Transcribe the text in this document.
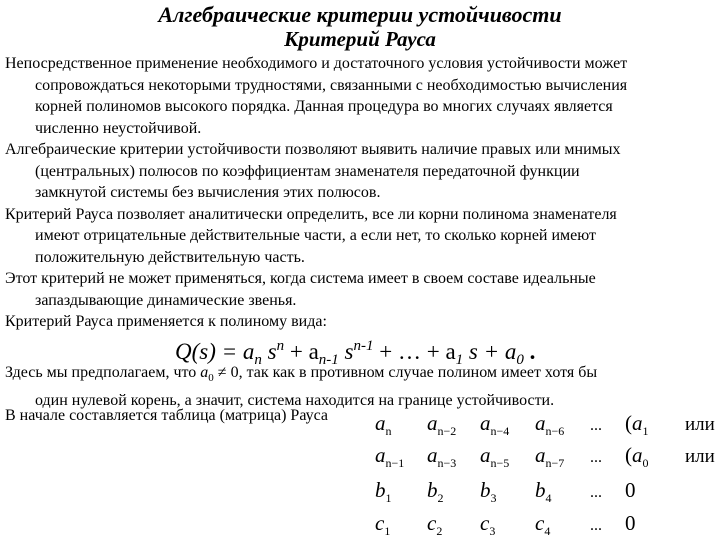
Алгебраические критерии устойчивости
Критерий Рауса
Непосредственное применение необходимого и достаточного условия устойчивости может
сопровождаться некоторыми трудностями, связанными с необходимостью вычисления
корней полиномов высокого порядка. Данная процедура во многих случаях является
численно неустойчивой.
Алгебраические критерии устойчивости позволяют выявить наличие правых или мнимых
(центральных) полюсов по коэффициентам знаменателя передаточной функции
замкнутой системы без вычисления этих полюсов.
Критерий Рауса позволяет аналитически определить, все ли корни полинома знаменателя
имеют отрицательные действительные части, а если нет, то сколько корней имеют
положительную действительную часть.
Этот критерий не может применяться, когда система имеет в своем составе идеальные
запаздывающие динамические звенья.
Критерий Рауса применяется к полиному вида:
$Q(s) = a_n$ $s^n + a_{n-1}$ $s^{n-1}$ + … + $a_1$ $s + a_0$ .
Здесь мы предполагаем, что $a_0 \ne 0$, так как в противном случае полином имеет хотя бы
один нулевой корень, а значит, система находится на границе устойчивости.
В начале составляется таблица (матрица) Рауса	$a_n$ $a_{n-2}$ $a_{n-4}$ $a_{n-6}$ ... ($a_1$ или
$a_{n-1}$ $a_{n-3}$ $a_{n-5}$ $a_{n-7}$ ... ($a_0$ или
$b_1$ $b_2$ $b_3$ $b_4$ ... 0
$c_1$ $c_2$ $c_3$ $c_4$ ... 0
